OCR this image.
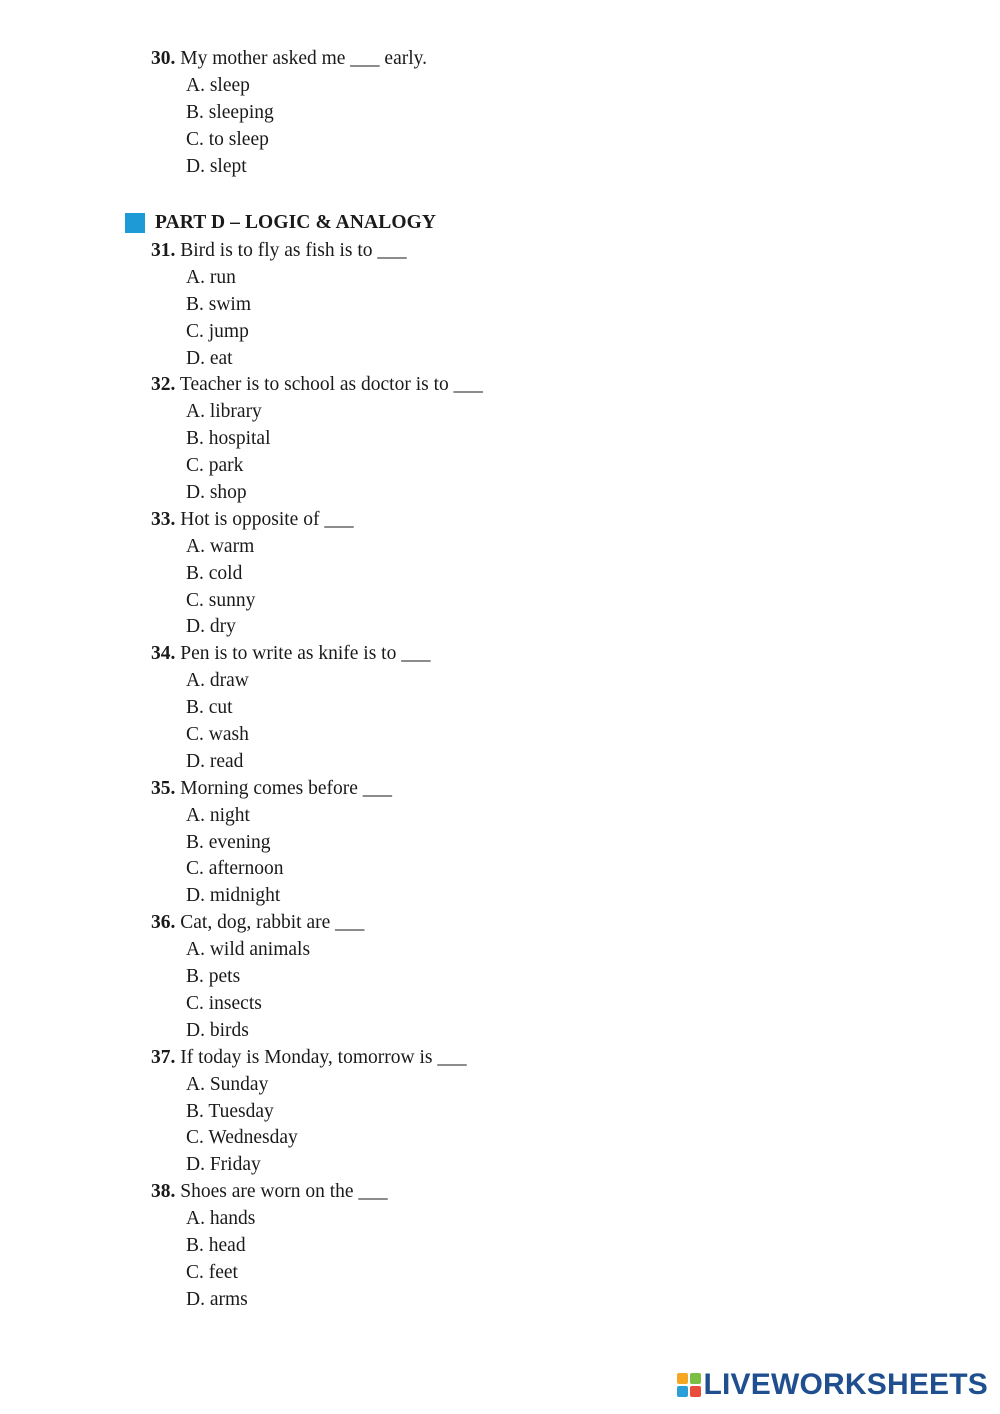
30. My mother asked me ___ early.
A. sleep
B. sleeping
C. to sleep
D. slept
PART D – LOGIC & ANALOGY
31. Bird is to fly as fish is to ___
A. run
B. swim
C. jump
D. eat
32. Teacher is to school as doctor is to ___
A. library
B. hospital
C. park
D. shop
33. Hot is opposite of ___
A. warm
B. cold
C. sunny
D. dry
34. Pen is to write as knife is to ___
A. draw
B. cut
C. wash
D. read
35. Morning comes before ___
A. night
B. evening
C. afternoon
D. midnight
36. Cat, dog, rabbit are ___
A. wild animals
B. pets
C. insects
D. birds
37. If today is Monday, tomorrow is ___
A. Sunday
B. Tuesday
C. Wednesday
D. Friday
38. Shoes are worn on the ___
A. hands
B. head
C. feet
D. arms
LIVEWORKSHEETS
